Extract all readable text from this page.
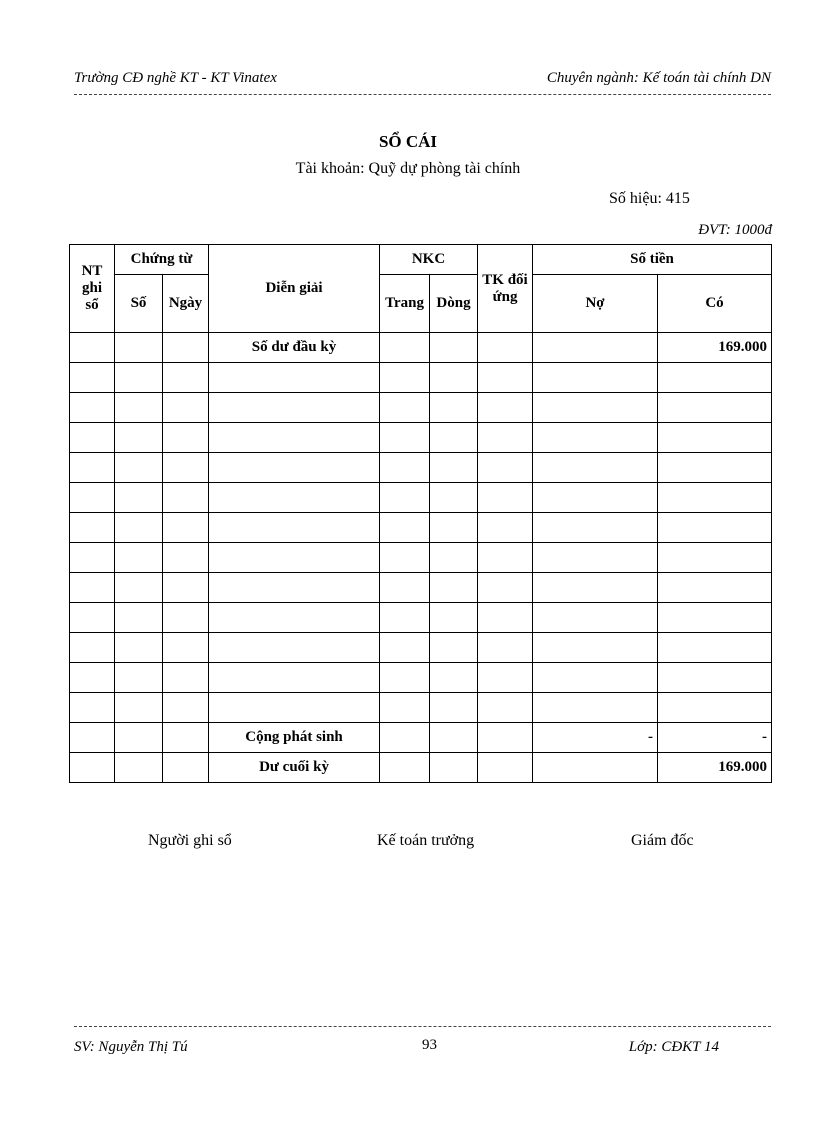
Trường CĐ nghề KT - KT Vinatex	Chuyên ngành: Kế toán tài chính DN
SỔ CÁI
Tài khoản: Quỹ dự phòng tài chính
Số hiệu: 415
ĐVT: 1000đ
NT ghi sổ	Chứng từ		Diễn giải	NKC		TK đối ứng	Số tiền	
	Số	Ngày		Trang	Dòng		Nợ	Có
			Số dư đầu kỳ					169.000

			Cộng phát sinh				-	-
			Dư cuối kỳ					169.000
Người ghi sổ	Kế toán trưởng	Giám đốc
SV: Nguyễn Thị Tú	93	Lớp: CĐKT 14
